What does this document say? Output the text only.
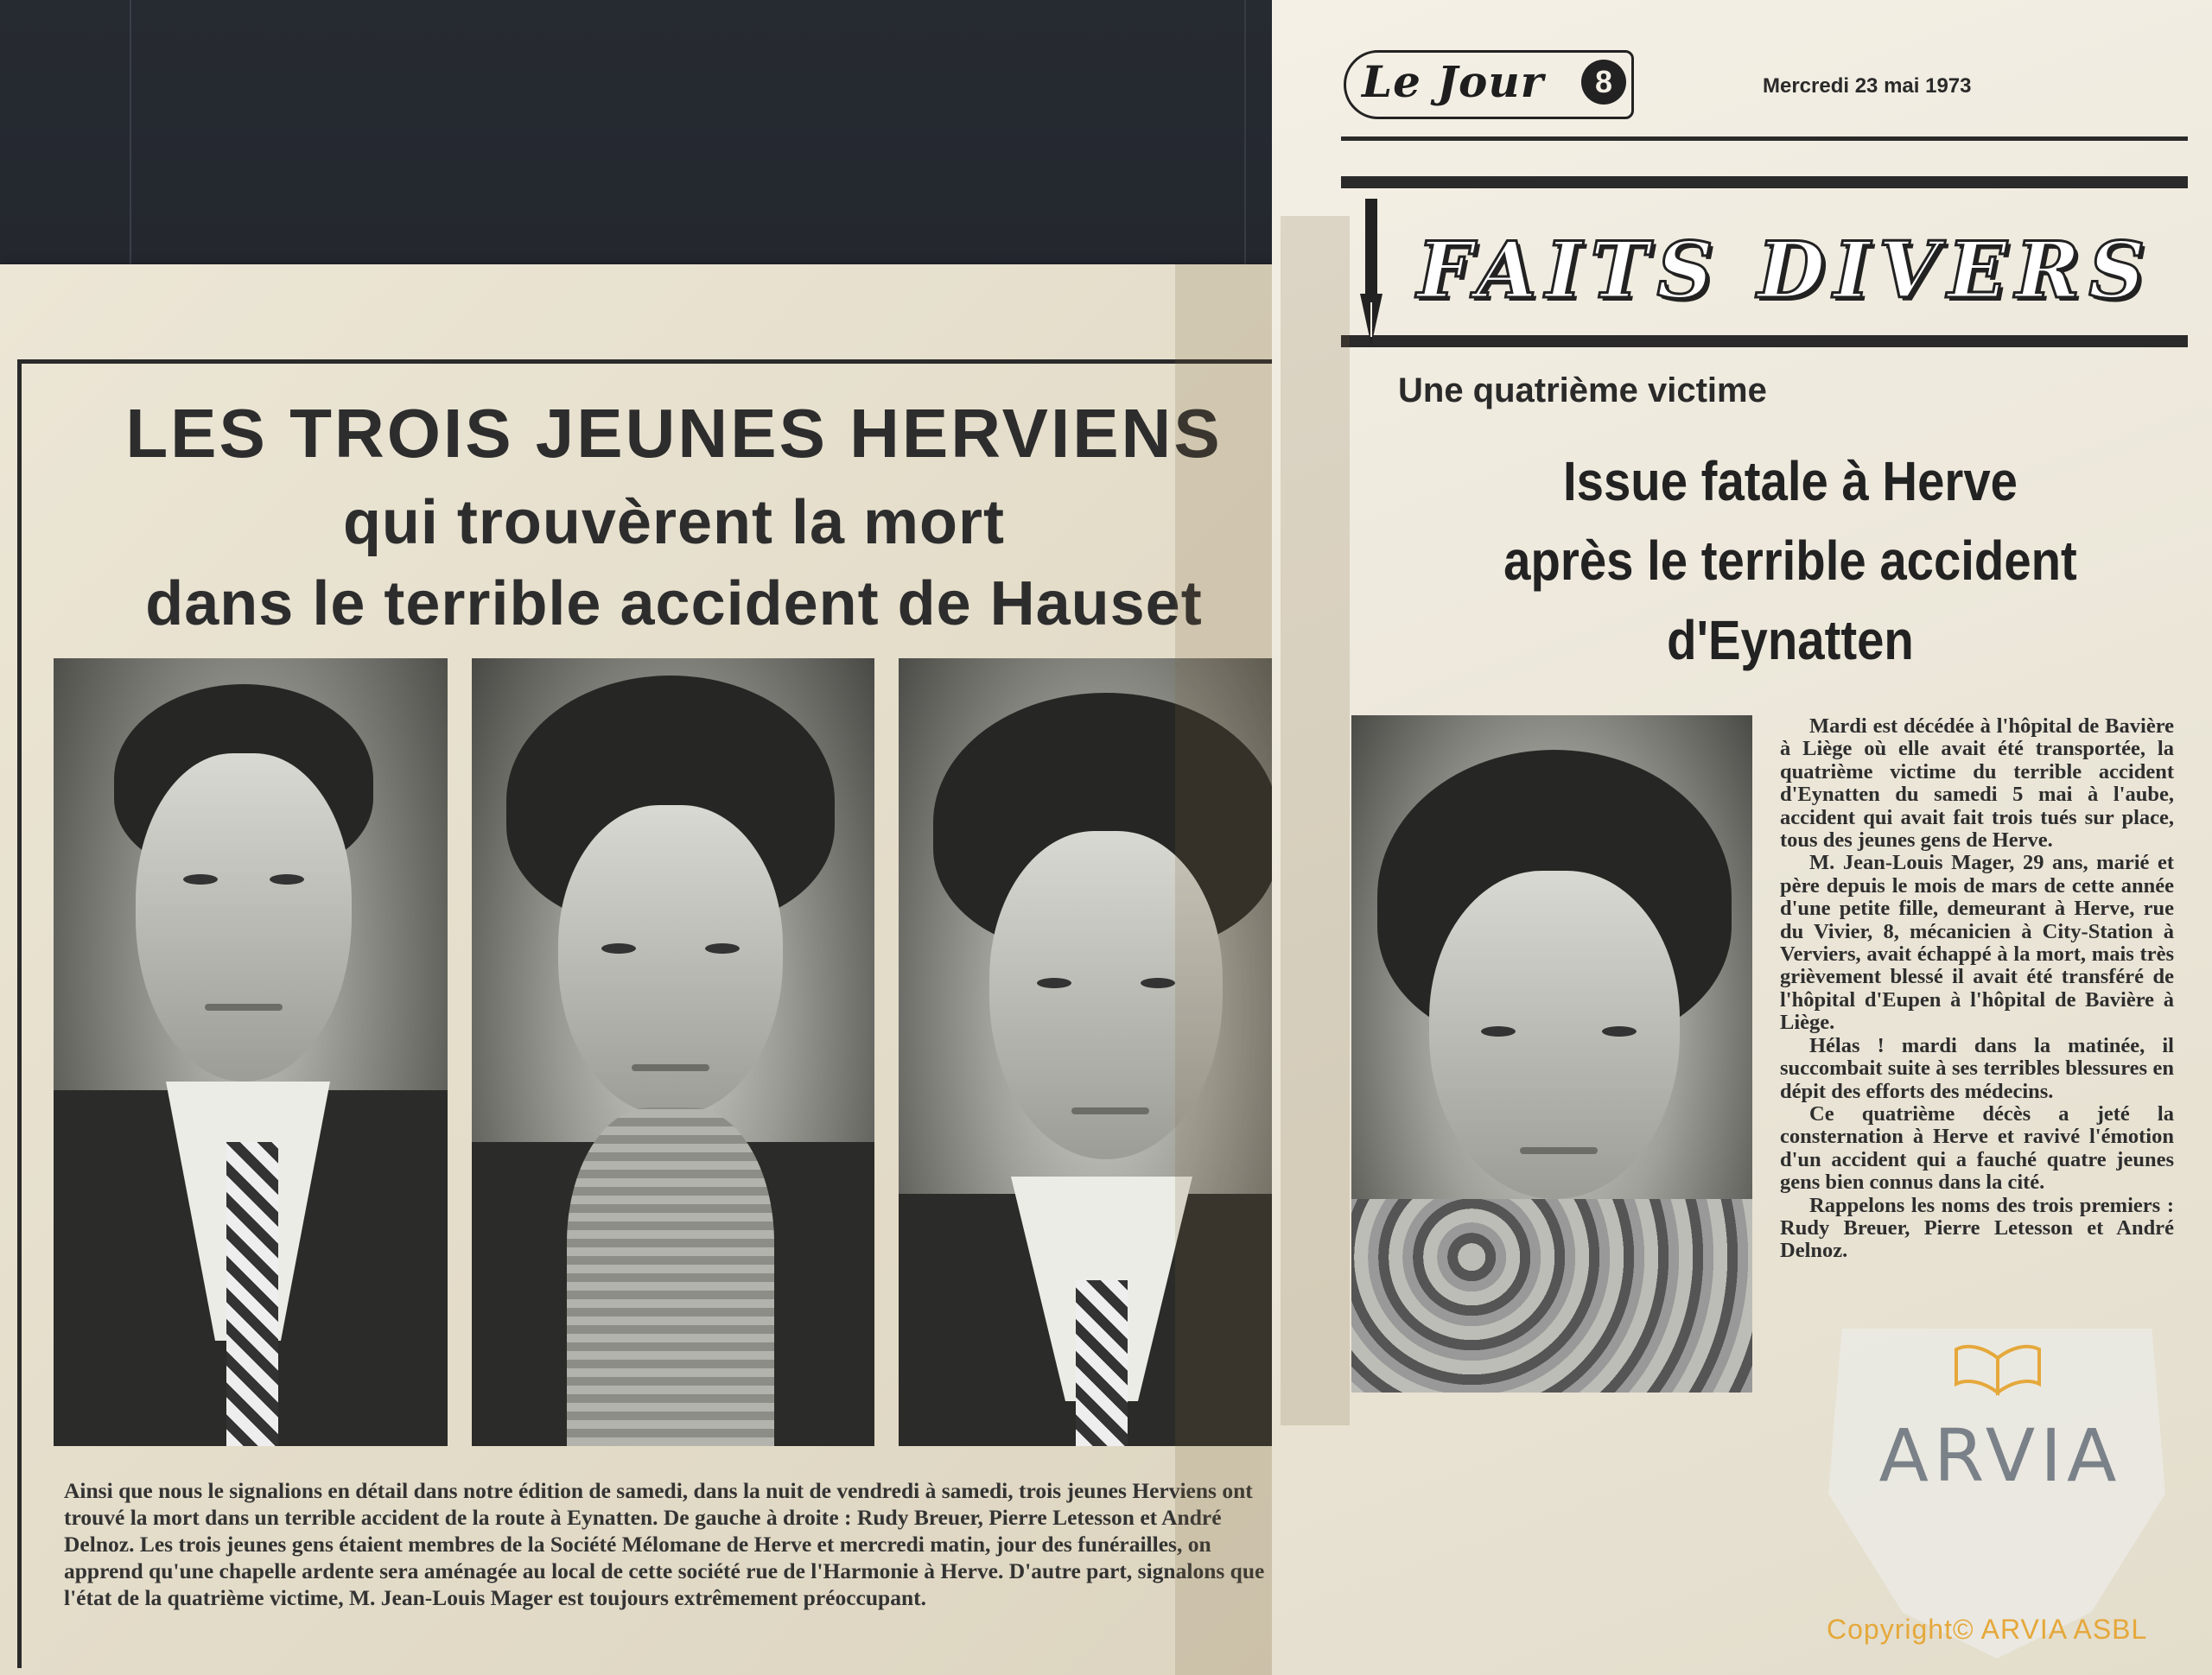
LES TROIS JEUNES HERVIENS
qui trouvèrent la mort
dans le terrible accident de Hauset
Ainsi que nous le signalions en détail dans notre édition de samedi, dans la nuit de vendredi à samedi, trois jeunes Herviens ont trouvé la mort dans un terrible accident de la route à Eynatten. De gauche à droite : Rudy Breuer, Pierre Letesson et André Delnoz. Les trois jeunes gens étaient membres de la Société Mélomane de Herve et mercredi matin, jour des funérailles, on apprend qu'une chapelle ardente sera aménagée au local de cette société rue de l'Harmonie à Herve. D'autre part, signalons que l'état de la quatrième victime, M. Jean-Louis Mager est toujours extrêmement préoccupant.
Le Jour	8	Mercredi 23 mai 1973
FAITS DIVERS
Une quatrième victime
Issue fatale à Herve
après le terrible accident
d'Eynatten

Mardi est décédée à l'hôpital de Bavière à Liège où elle avait été transportée, la quatrième victime du terrible accident d'Eynatten du samedi 5 mai à l'aube, accident qui avait fait trois tués sur place, tous des jeunes gens de Herve.

M. Jean-Louis Mager, 29 ans, marié et père depuis le mois de mars de cette année d'une petite fille, demeurant à Herve, rue du Vivier, 8, mécanicien à City-Station à Verviers, avait échappé à la mort, mais très grièvement blessé il avait été transféré de l'hôpital d'Eupen à l'hôpital de Bavière à Liège.

Hélas ! mardi dans la matinée, il succombait suite à ses terribles blessures en dépit des efforts des médecins.

Ce quatrième décès a jeté la consternation à Herve et ravivé l'émotion d'un accident qui a fauché quatre jeunes gens bien connus dans la cité.

Rappelons les noms des trois premiers : Rudy Breuer, Pierre Letesson et André Delnoz.

ARVIA
Copyright© ARVIA ASBL
